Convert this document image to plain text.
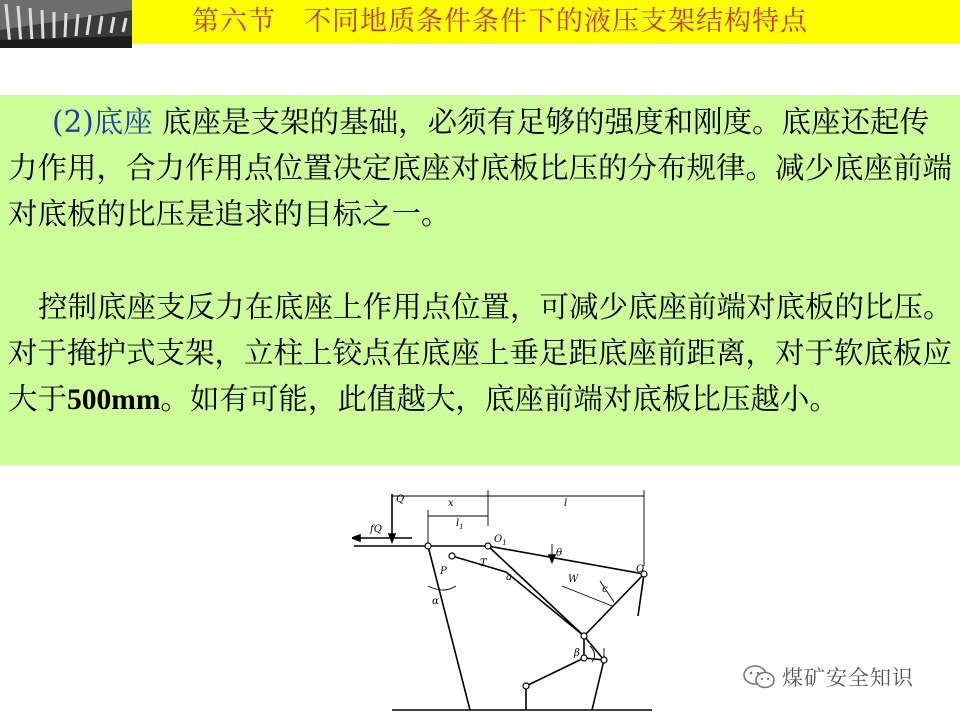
第六节　不同地质条件条件下的液压支架结构特点
(2)底座 底座是支架的基础，必须有足够的强度和刚度。底座还起传力作用，合力作用点位置决定底座对底板比压的分布规律。减少底座前端对底板的比压是追求的目标之一。
控制底座支反力在底座上作用点位置，可减少底座前端对底板的比压。对于掩护式支架，立柱上铰点在底座上垂足距底座前距离，对于软底板应大于500mm。如有可能，此值越大，底座前端对底板比压越小。
Q	x	l
fQ
$l_1$
$O_1$
θ
P
T
a	W
c
O
α
β
煤矿安全知识
